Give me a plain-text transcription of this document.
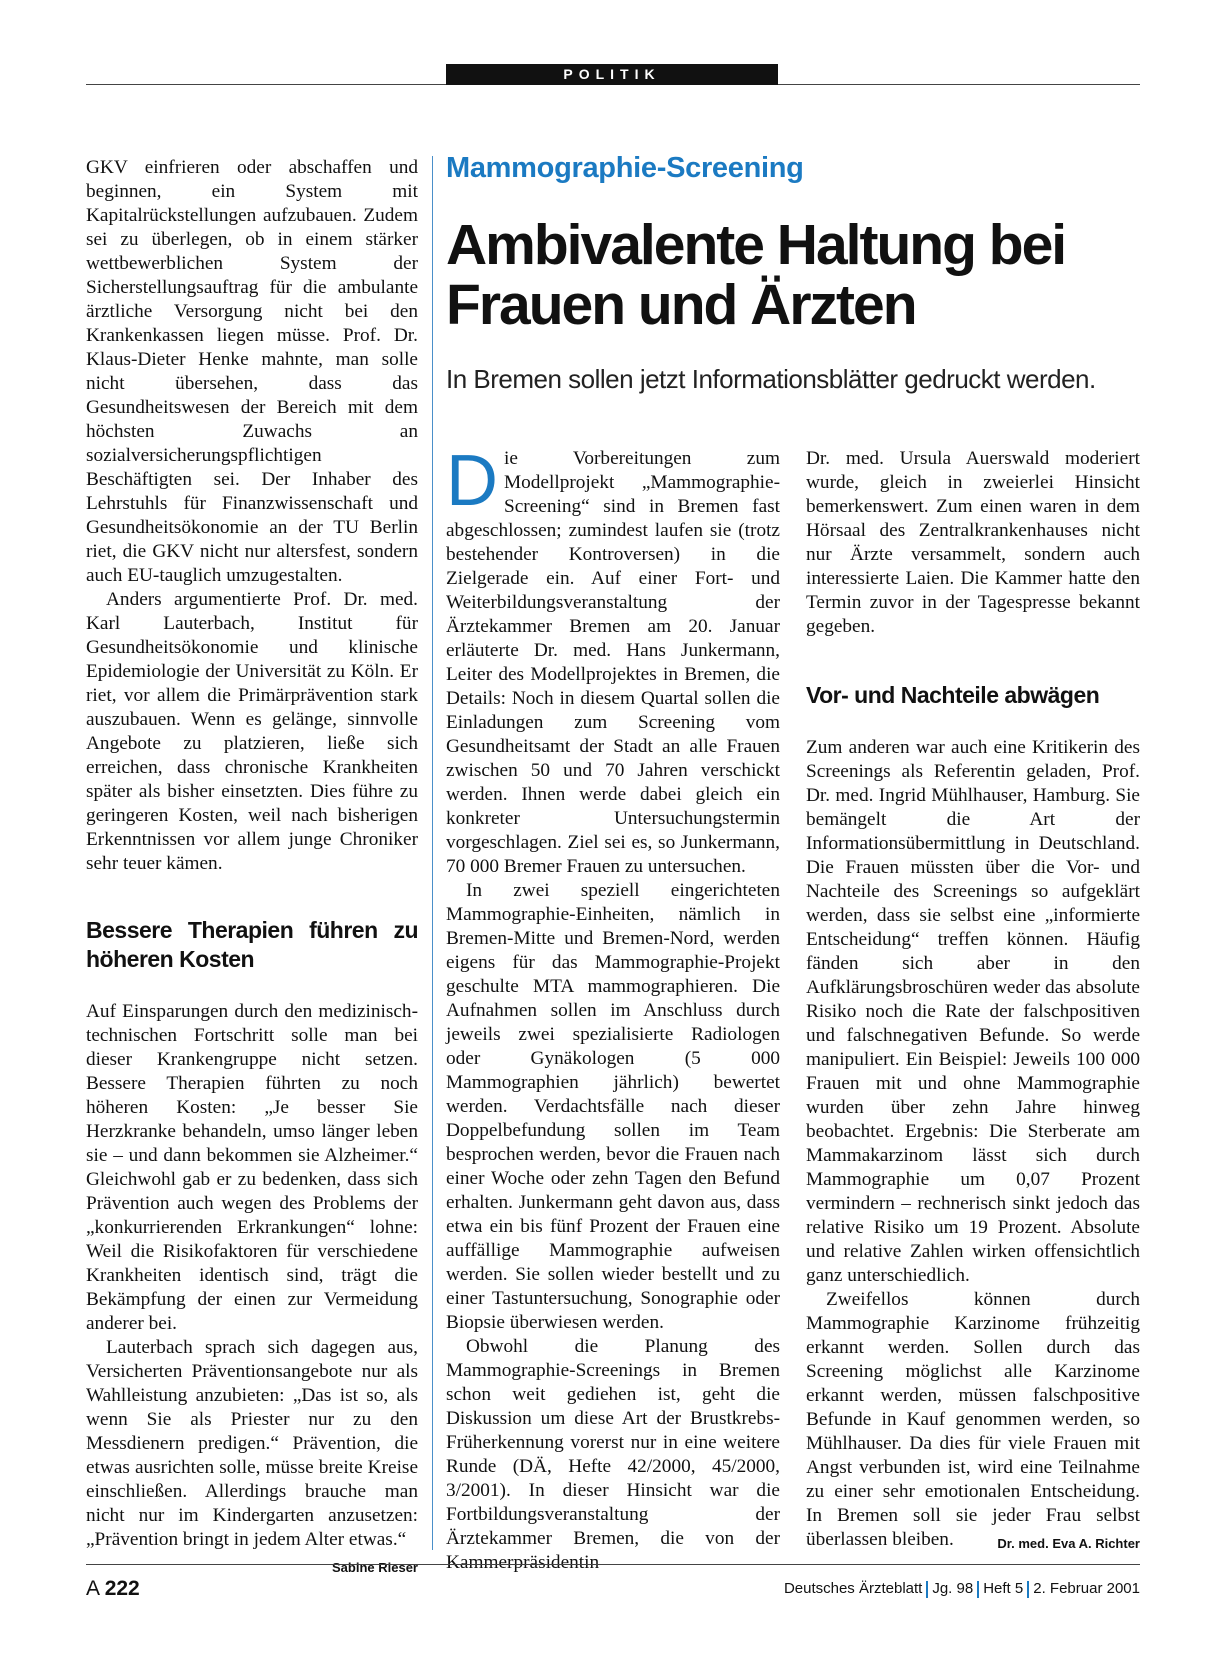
POLITIK

GKV einfrieren oder abschaffen und beginnen, ein System mit Kapitalrückstellungen aufzubauen. Zudem sei zu überlegen, ob in einem stärker wettbewerblichen System der Sicherstellungsauftrag für die ambulante ärztliche Versorgung nicht bei den Krankenkassen liegen müsse. Prof. Dr. Klaus-Dieter Henke mahnte, man solle nicht übersehen, dass das Gesundheitswesen der Bereich mit dem höchsten Zuwachs an sozialversicherungspflichtigen Beschäftigten sei. Der Inhaber des Lehrstuhls für Finanzwissenschaft und Gesundheitsökonomie an der TU Berlin riet, die GKV nicht nur altersfest, sondern auch EU-tauglich umzugestalten.

Anders argumentierte Prof. Dr. med. Karl Lauterbach, Institut für Gesundheitsökonomie und klinische Epidemiologie der Universität zu Köln. Er riet, vor allem die Primärprävention stark auszubauen. Wenn es gelänge, sinnvolle Angebote zu platzieren, ließe sich erreichen, dass chronische Krankheiten später als bisher einsetzten. Dies führe zu geringeren Kosten, weil nach bisherigen Erkenntnissen vor allem junge Chroniker sehr teuer kämen.

Bessere Therapien führen zu höheren Kosten

Auf Einsparungen durch den medizinisch-technischen Fortschritt solle man bei dieser Krankengruppe nicht setzen. Bessere Therapien führten zu noch höheren Kosten: „Je besser Sie Herzkranke behandeln, umso länger leben sie – und dann bekommen sie Alzheimer.“ Gleichwohl gab er zu bedenken, dass sich Prävention auch wegen des Problems der „konkurrierenden Erkrankungen“ lohne: Weil die Risikofaktoren für verschiedene Krankheiten identisch sind, trägt die Bekämpfung der einen zur Vermeidung anderer bei.

Lauterbach sprach sich dagegen aus, Versicherten Präventionsangebote nur als Wahlleistung anzubieten: „Das ist so, als wenn Sie als Priester nur zu den Messdienern predigen.“ Prävention, die etwas ausrichten solle, müsse breite Kreise einschließen. Allerdings brauche man nicht nur im Kindergarten anzusetzen: „Prävention bringt in jedem Alter etwas.“
Sabine Rieser

Mammographie-Screening
Ambivalente Haltung bei
Frauen und Ärzten
In Bremen sollen jetzt Informationsblätter gedruckt werden.

Die Vorbereitungen zum Modellprojekt „Mammographie-Screening“ sind in Bremen fast abgeschlossen; zumindest laufen sie (trotz bestehender Kontroversen) in die Zielgerade ein. Auf einer Fort- und Weiterbildungsveranstaltung der Ärztekammer Bremen am 20. Januar erläuterte Dr. med. Hans Junkermann, Leiter des Modellprojektes in Bremen, die Details: Noch in diesem Quartal sollen die Einladungen zum Screening vom Gesundheitsamt der Stadt an alle Frauen zwischen 50 und 70 Jahren verschickt werden. Ihnen werde dabei gleich ein konkreter Untersuchungstermin vorgeschlagen. Ziel sei es, so Junkermann, 70 000 Bremer Frauen zu untersuchen.

In zwei speziell eingerichteten Mammographie-Einheiten, nämlich in Bremen-Mitte und Bremen-Nord, werden eigens für das Mammographie-Projekt geschulte MTA mammographieren. Die Aufnahmen sollen im Anschluss durch jeweils zwei spezialisierte Radiologen oder Gynäkologen (5 000 Mammographien jährlich) bewertet werden. Verdachtsfälle nach dieser Doppelbefundung sollen im Team besprochen werden, bevor die Frauen nach einer Woche oder zehn Tagen den Befund erhalten. Junkermann geht davon aus, dass etwa ein bis fünf Prozent der Frauen eine auffällige Mammographie aufweisen werden. Sie sollen wieder bestellt und zu einer Tastuntersuchung, Sonographie oder Biopsie überwiesen werden.

Obwohl die Planung des Mammographie-Screenings in Bremen schon weit gediehen ist, geht die Diskussion um diese Art der Brustkrebs-Früherkennung vorerst nur in eine weitere Runde (DÄ, Hefte 42/2000, 45/2000, 3/2001). In dieser Hinsicht war die Fortbildungsveranstaltung der Ärztekammer Bremen, die von der Kammerpräsidentin

Dr. med. Ursula Auerswald moderiert wurde, gleich in zweierlei Hinsicht bemerkenswert. Zum einen waren in dem Hörsaal des Zentralkrankenhauses nicht nur Ärzte versammelt, sondern auch interessierte Laien. Die Kammer hatte den Termin zuvor in der Tagespresse bekannt gegeben.

Vor- und Nachteile abwägen

Zum anderen war auch eine Kritikerin des Screenings als Referentin geladen, Prof. Dr. med. Ingrid Mühlhauser, Hamburg. Sie bemängelt die Art der Informationsübermittlung in Deutschland. Die Frauen müssten über die Vor- und Nachteile des Screenings so aufgeklärt werden, dass sie selbst eine „informierte Entscheidung“ treffen können. Häufig fänden sich aber in den Aufklärungsbroschüren weder das absolute Risiko noch die Rate der falschpositiven und falschnegativen Befunde. So werde manipuliert. Ein Beispiel: Jeweils 100 000 Frauen mit und ohne Mammographie wurden über zehn Jahre hinweg beobachtet. Ergebnis: Die Sterberate am Mammakarzinom lässt sich durch Mammographie um 0,07 Prozent vermindern – rechnerisch sinkt jedoch das relative Risiko um 19 Prozent. Absolute und relative Zahlen wirken offensichtlich ganz unterschiedlich.

Zweifellos können durch Mammographie Karzinome frühzeitig erkannt werden. Sollen durch das Screening möglichst alle Karzinome erkannt werden, müssen falschpositive Befunde in Kauf genommen werden, so Mühlhauser. Da dies für viele Frauen mit Angst verbunden ist, wird eine Teilnahme zu einer sehr emotionalen Entscheidung. In Bremen soll sie jeder Frau selbst überlassen bleiben.	Dr. med. Eva A. Richter

A 222	Deutsches Ärzteblatt Jg. 98 Heft 5 2. Februar 2001
